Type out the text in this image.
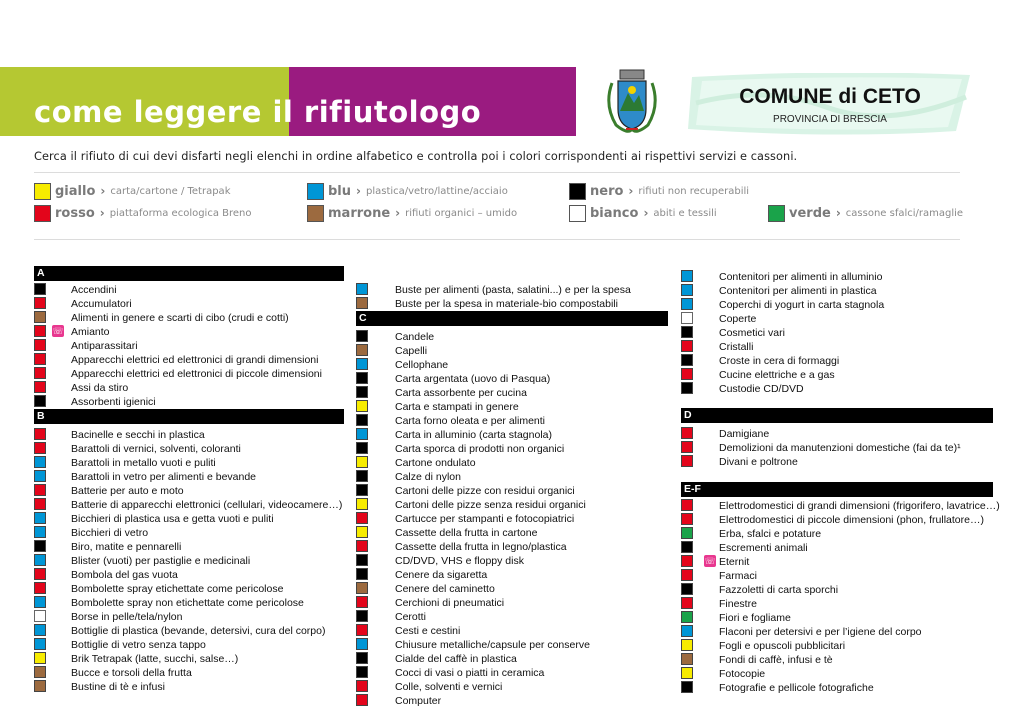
come leggere il rifiutologo	COMUNE di CETO
PROVINCIA DI BRESCIA
Cerca il rifiuto di cui devi disfarti negli elenchi in ordine alfabetico e controlla poi i colori corrispondenti ai rispettivi servizi e cassoni.
giallo › carta/cartone / Tetrapak
rosso › piattaforma ecologica Breno
blu › plastica/vetro/lattine/acciaio
marrone › rifiuti organici – umido
nero › rifiuti non recuperabili
bianco › abiti e tessili	verde › cassone sfalci/ramaglie
A
Accendini
Accumulatori
Alimenti in genere e scarti di cibo (crudi e cotti)
☏ Amianto
Antiparassitari
Apparecchi elettrici ed elettronici di grandi dimensioni
Apparecchi elettrici ed elettronici di piccole dimensioni
Assi da stiro
Assorbenti igienici
B
Bacinelle e secchi in plastica
Barattoli di vernici, solventi, coloranti
Barattoli in metallo vuoti e puliti
Barattoli in vetro per alimenti e bevande
Batterie per auto e moto
Batterie di apparecchi elettronici (cellulari, videocamere…)
Bicchieri di plastica usa e getta vuoti e puliti
Bicchieri di vetro
Biro, matite e pennarelli
Blister (vuoti) per pastiglie e medicinali
Bombola del gas vuota
Bombolette spray etichettate come pericolose
Bombolette spray non etichettate come pericolose
Borse in pelle/tela/nylon
Bottiglie di plastica (bevande, detersivi, cura del corpo)
Bottiglie di vetro senza tappo
Brik Tetrapak (latte, succhi, salse…)
Bucce e torsoli della frutta
Bustine di tè e infusi
Buste per alimenti (pasta, salatini...) e per la spesa
Buste per la spesa in materiale-bio compostabili
C
Candele
Capelli
Cellophane
Carta argentata (uovo di Pasqua)
Carta assorbente per cucina
Carta e stampati in genere
Carta forno oleata e per alimenti
Carta in alluminio (carta stagnola)
Carta sporca di prodotti non organici
Cartone ondulato
Calze di nylon
Cartoni delle pizze con residui organici
Cartoni delle pizze senza residui organici
Cartucce per stampanti e fotocopiatrici
Cassette della frutta in cartone
Cassette della frutta in legno/plastica
CD/DVD, VHS e floppy disk
Cenere da sigaretta
Cenere del caminetto
Cerchioni di pneumatici
Cerotti
Cesti e cestini
Chiusure metalliche/capsule per conserve
Cialde del caffè in plastica
Cocci di vasi o piatti in ceramica
Colle, solventi e vernici
Computer
Contenitori per alimenti in alluminio
Contenitori per alimenti in plastica
Coperchi di yogurt in carta stagnola
Coperte
Cosmetici vari
Cristalli
Croste in cera di formaggi
Cucine elettriche e a gas
Custodie CD/DVD
D
Damigiane
Demolizioni da manutenzioni domestiche (fai da te)¹
Divani e poltrone
E-F
Elettrodomestici di grandi dimensioni (frigorifero, lavatrice…)
Elettrodomestici di piccole dimensioni (phon, frullatore…)
Erba, sfalci e potature
Escrementi animali
☏ Eternit
Farmaci
Fazzoletti di carta sporchi
Finestre
Fiori e fogliame
Flaconi per detersivi e per l’igiene del corpo
Fogli e opuscoli pubblicitari
Fondi di caffè, infusi e tè
Fotocopie
Fotografie e pellicole fotografiche
